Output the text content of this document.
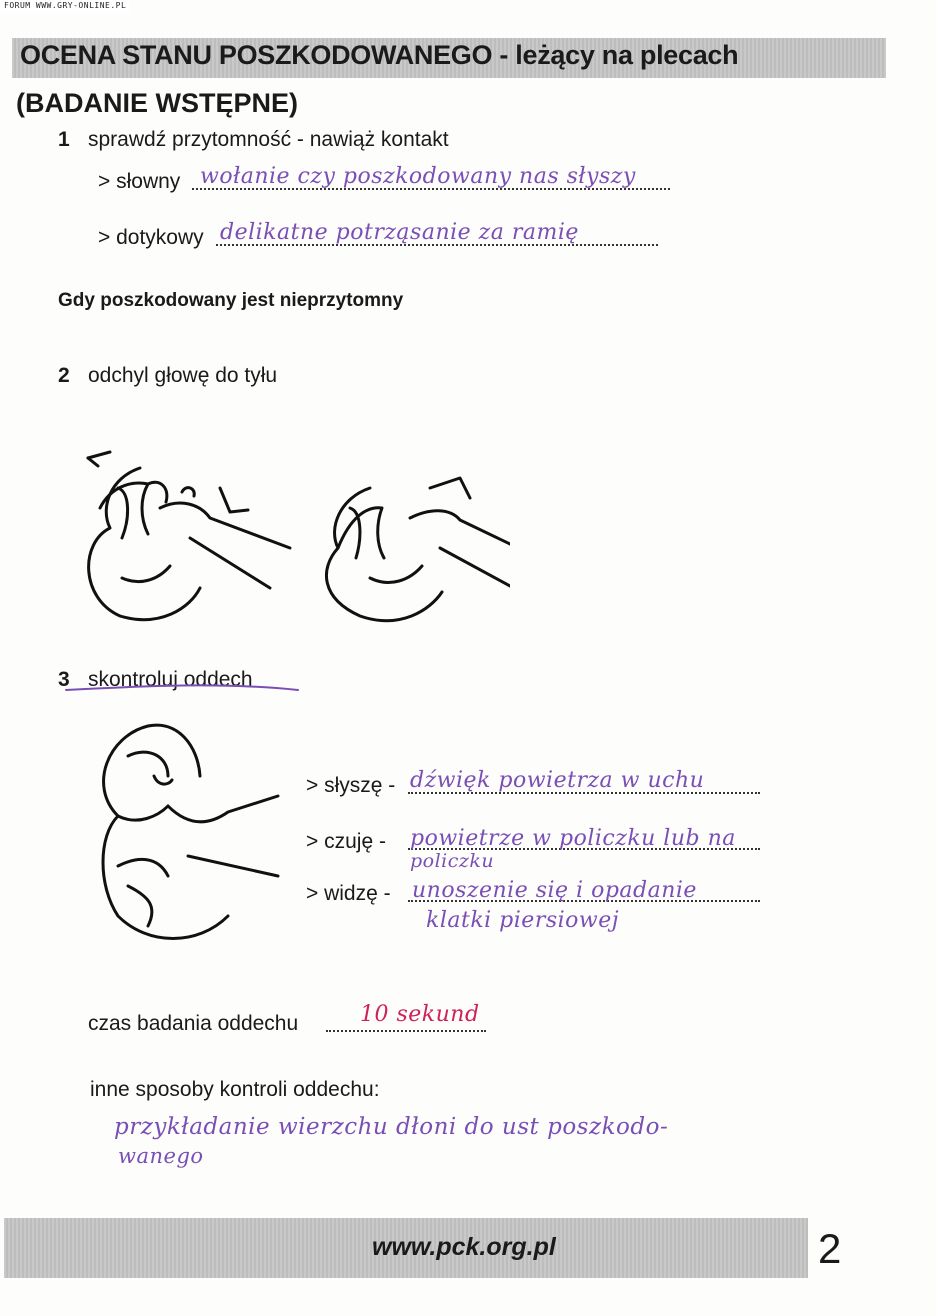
FORUM WWW.GRY-ONLINE.PL
OCENA STANU POSZKODOWANEGO - leżący na plecach
(BADANIE WSTĘPNE)
1 sprawdź przytomność - nawiąż kontakt
> słowny wołanie czy poszkodowany nas słyszy
> dotykowy delikatne potrząsanie za ramię
Gdy poszkodowany jest nieprzytomny
2 odchyl głowę do tyłu
3 skontroluj oddech
> słyszę - dźwięk powietrza w uchu
> czuję - powietrze w policzku lub na
policzku
> widzę - unoszenie się i opadanie
klatki piersiowej
czas badania oddechu	10 sekund
inne sposoby kontroli oddechu:
przykładanie wierzchu dłoni do ust poszkodo-
wanego
www.pck.org.pl	2
